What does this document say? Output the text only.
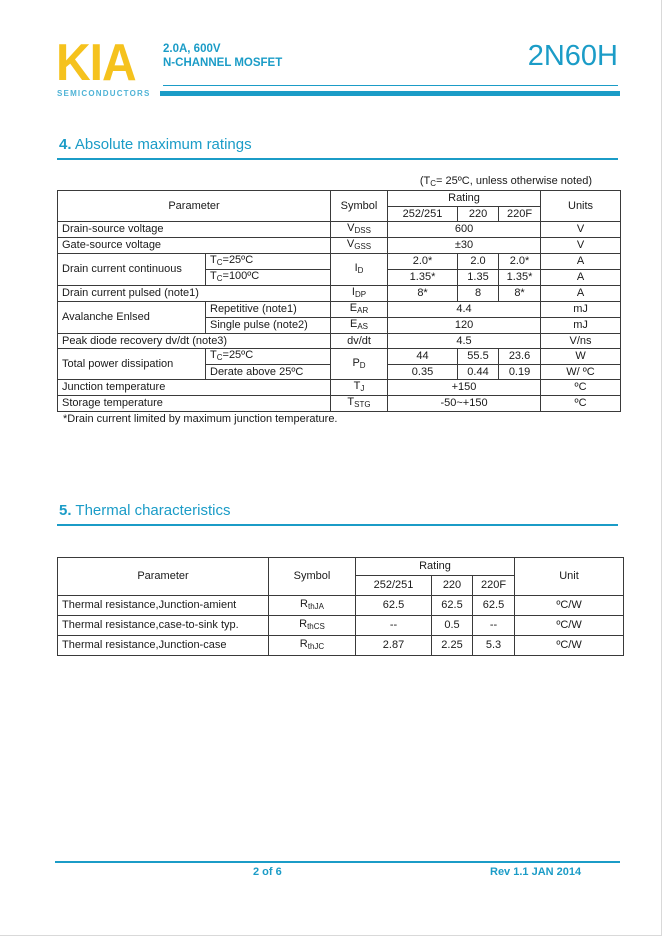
KIA
SEMICONDUCTORS
2.0A, 600V
N-CHANNEL MOSFET	2N60H
4. Absolute maximum ratings
($T_C=$ 25ºC, unless otherwise noted)
Parameter		Symbol	Rating			Units
			252/251	220	220F	
Drain-source voltage		$V_{DSS}$	600			V
Gate-source voltage		$V_{GSS}$	±30			V
Drain current continuous	$T_C=25ºC$	$I_D$	2.0*	2.0	2.0*	A
	$T_C=100ºC$		1.35*	1.35	1.35*	A
Drain current pulsed (note1)		$I_{DP}$	8*	8	8*	A
Avalanche Enlsed	Repetitive (note1)	$E_{AR}$	4.4			mJ
	Single pulse (note2)	$E_{AS}$	120			mJ
Peak diode recovery dv/dt (note3)		dv/dt	4.5			V/ns
Total power dissipation	$T_C=25ºC$	$P_D$	44	55.5	23.6	W
	Derate above 25ºC		0.35	0.44	0.19	W/ ºC
Junction temperature		$T_J$	+150			ºC
Storage temperature		$T_{STG}$	-50~+150			ºC
*Drain current limited by maximum junction temperature.
5. Thermal characteristics
Parameter	Symbol	Rating			Unit
		252/251	220	220F	
Thermal resistance,Junction-amient	$R_{thJA}$	62.5	62.5	62.5	ºC/W
Thermal resistance,case-to-sink typ.	$R_{thCS}$	--	0.5	--	ºC/W
Thermal resistance,Junction-case	$R_{thJC}$	2.87	2.25	5.3	ºC/W
2 of 6	Rev 1.1 JAN 2014
